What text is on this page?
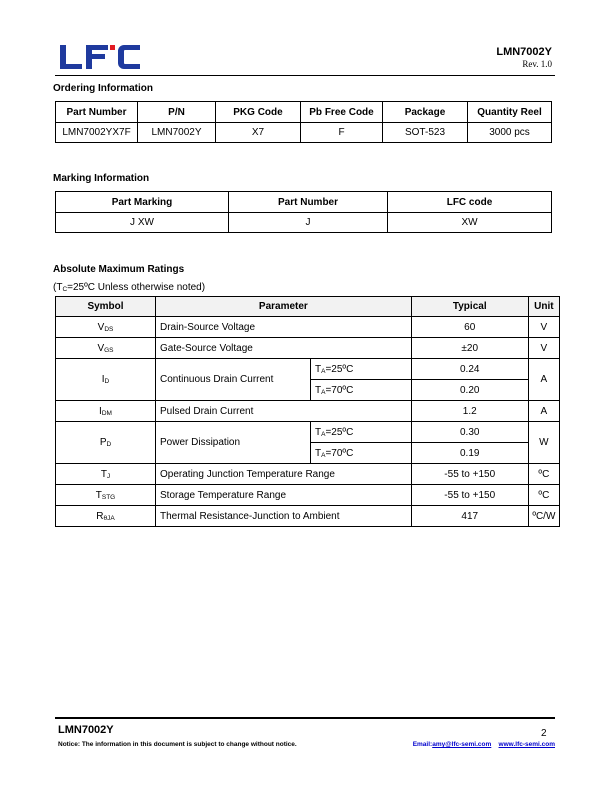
LMN7002Y
Rev. 1.0
Ordering Information
Part Number	P/N	PKG Code	Pb Free Code	Package	Quantity Reel
LMN7002YX7F	LMN7002Y	X7	F	SOT-523	3000 pcs
Marking Information
Part Marking	Part Number	LFC code
J XW	J	XW
Absolute Maximum Ratings
($T_C=25ºC$ Unless otherwise noted)
Symbol	Parameter		Typical	Unit
$V_{DS}$	Drain-Source Voltage		60	V
$V_{GS}$	Gate-Source Voltage		±20	V
$I_D$	Continuous Drain Current	$T_A=25ºC$	0.24	A
		$T_A=70ºC$	0.20	
$I_{DM}$	Pulsed Drain Current		1.2	A
$P_D$	Power Dissipation	$T_A=25ºC$	0.30	W
		$T_A=70ºC$	0.19	
$T_J$	Operating Junction Temperature Range		-55 to +150	ºC
$T_{STG}$	Storage Temperature Range		-55 to +150	ºC
$R_{\theta JA}$	Thermal Resistance-Junction to Ambient		417	ºC/W
LMN7002Y	2
Notice: The information in this document is subject to change without notice.	Email:amy@lfc-semi.com www.lfc-semi.com
